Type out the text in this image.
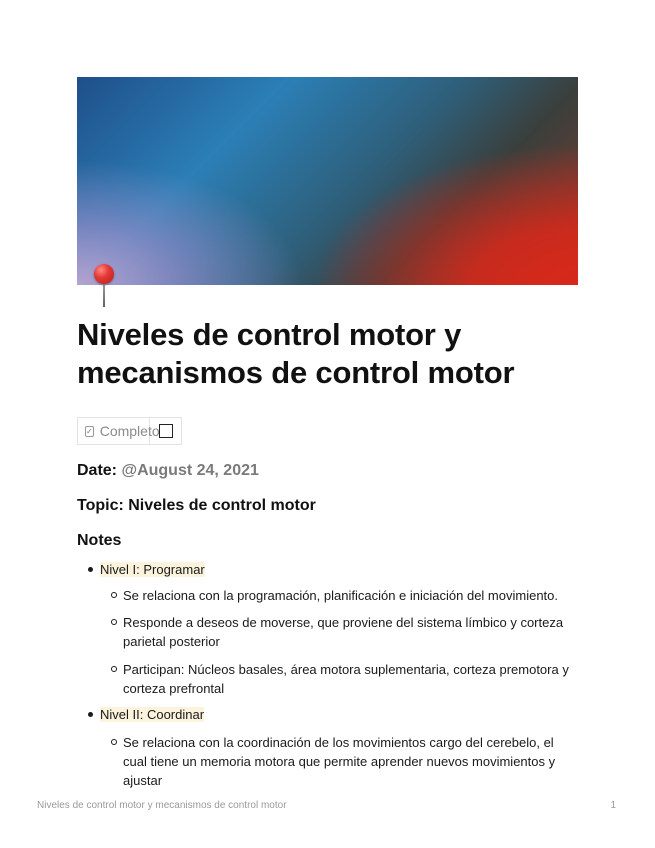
Niveles de control motor y mecanismos de control motor
✓ Completo
Date: @August 24, 2021
Topic: Niveles de control motor
Notes
Nivel I: Programar
Se relaciona con la programación, planificación e iniciación del movimiento.
Responde a deseos de moverse, que proviene del sistema límbico y corteza parietal posterior
Participan: Núcleos basales, área motora suplementaria, corteza premotora y corteza prefrontal
Nivel II: Coordinar
Se relaciona con la coordinación de los movimientos cargo del cerebelo, el cual tiene un memoria motora que permite aprender nuevos movimientos y ajustar
Niveles de control motor y mecanismos de control motor	1
